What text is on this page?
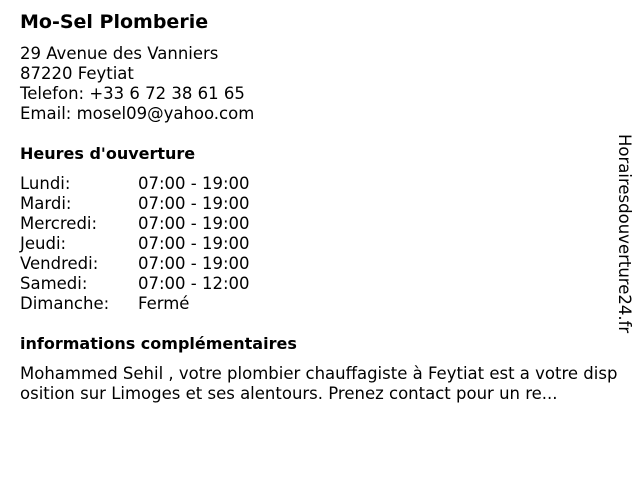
Mo-Sel Plomberie
29 Avenue des Vanniers
87220 Feytiat
Telefon: +33 6 72 38 61 65
Email: mosel09@yahoo.com
Heures d'ouverture
Lundi:	07:00 - 19:00
Mardi:	07:00 - 19:00
Mercredi:	07:00 - 19:00
Jeudi:	07:00 - 19:00
Vendredi:	07:00 - 19:00
Samedi:	07:00 - 12:00
Dimanche:	Fermé
informations complémentaires
Mohammed Sehil , votre plombier chauffagiste à Feytiat est a votre disposition sur Limoges et ses alentours. Prenez contact pour un re...
Horairesdouverture24.fr
